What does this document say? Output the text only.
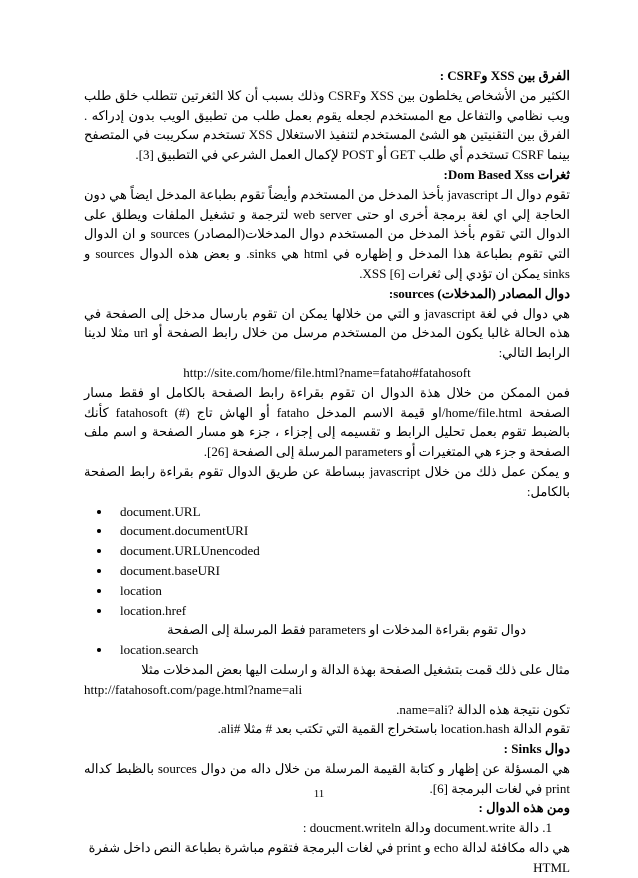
الفرق بين XSS وCSRF :
الكثير من الأشخاص يخلطون بين XSS وCSRF وذلك بسبب أن كلا الثغرتين تتطلب خلق طلب ويب نظامي والتفاعل مع المستخدم لجعله يقوم بعمل طلب من تطبيق الويب بدون إدراكه . الفرق بين التقنيتين هو الشئ المستخدم لتنفيذ الاستغلال XSS تستخدم سكريبت في المتصفح بينما CSRF تستخدم أي طلب GET أو POST لإكمال العمل الشرعي في التطبيق [3].
ثغرات Dom Based Xss:
تقوم دوال الـ javascript بأخذ المدخل من المستخدم وأيضاً تقوم بطباعة المدخل ايضاً هي دون الحاجة إلي اي لغة برمجة أخرى او حتى web server لترجمة و تشغيل الملفات ويطلق على الدوال التي تقوم بأخذ المدخل من المستخدم دوال المدخلات(المصادر) sources و ان الدوال التي تقوم بطباعة هذا المدخل و إظهاره في html هي sinks. و بعض هذه الدوال sources و sinks يمكن ان تؤدي إلى ثغرات XSS [6].
دوال المصادر (المدخلات) sources:
هي دوال في لغة javascript و التي من خلالها يمكن ان تقوم بارسال مدخل إلى الصفحة في هذه الحالة غالبا يكون المدخل من المستخدم مرسل من خلال رابط الصفحة أو url مثلا لدينا الرابط التالي:
http://site.com/home/file.html?name=fataho#fatahosoft
فمن الممكن من خلال هذة الدوال ان تقوم بقراءة رابط الصفحة بالكامل او فقط مسار الصفحة home/file.html/او قيمة الاسم المدخل fataho أو الهاش تاج (#) fatahosoft كأنك بالضبط تقوم بعمل تحليل الرابط و تقسيمه إلى إجزاء ، جزء هو مسار الصفحة و اسم ملف الصفحة و جزء هي المتغيرات أو parameters المرسلة إلى الصفحة [26].
و يمكن عمل ذلك من خلال javascript ببساطة عن طريق الدوال تقوم بقراءة رابط الصفحة بالكامل:
• document.URL
• document.documentURI
• document.URLUnencoded
• document.baseURI
• location
• location.href
دوال تقوم بقراءة المدخلات او parameters فقط المرسلة إلى الصفحة
• location.search
مثال على ذلك قمت بتشغيل الصفحة بهذة الدالة و ارسلت اليها بعض المدخلات مثلا
http://fatahosoft.com/page.html?name=ali
تكون نتيجة هذه الدالة ?name=ali.
تقوم الدالة location.hash باستخراج القمية التي تكتب بعد # مثلا #ali.
دوال Sinks :
هي المسؤلة عن إظهار و كتابة القيمة المرسلة من خلال داله من دوال sources بالظبط كداله print في لغات البرمجة [6].
ومن هذه الدوال :
1. دالة document.write ودالة doucment.writeln :
هي داله مكافئة لدالة echo و print في لغات البرمجة فتقوم مباشرة بطباعة النص داخل شفرة HTML
11
